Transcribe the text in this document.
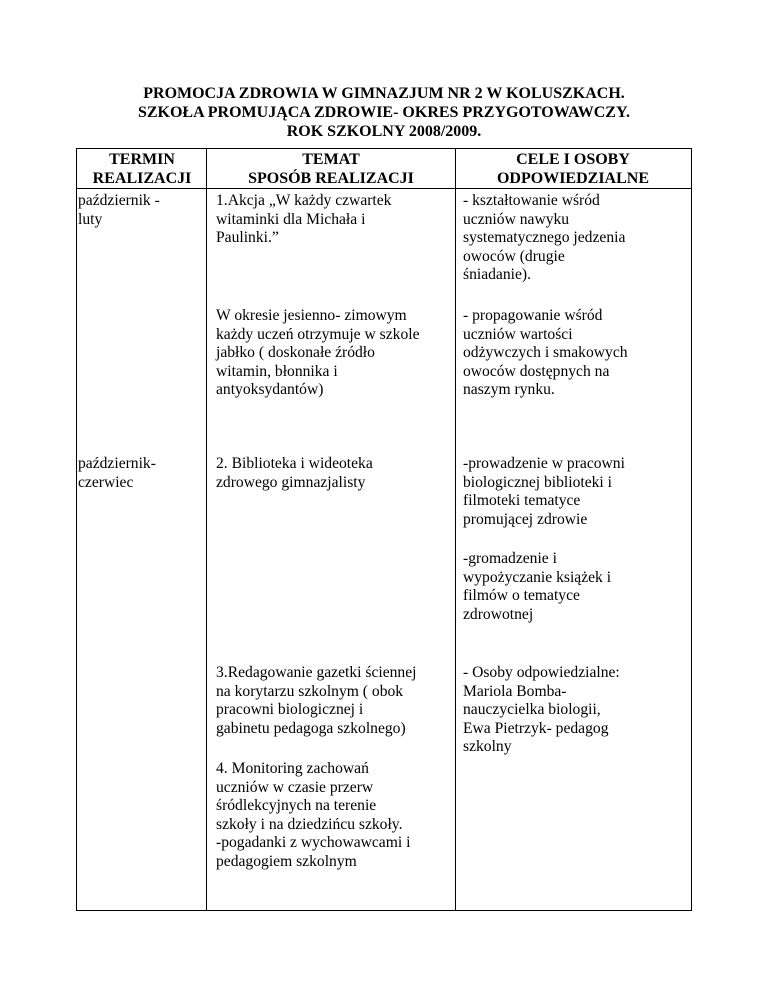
PROMOCJA ZDROWIA W GIMNAZJUM NR 2 W KOLUSZKACH.
SZKOŁA PROMUJĄCA ZDROWIE- OKRES PRZYGOTOWAWCZY.
ROK SZKOLNY 2008/2009.
TERMIN
REALIZACJI
TEMAT
SPOSÓB REALIZACJI
CELE I OSOBY
ODPOWIEDZIALNE
październik -
luty
1.Akcja „W każdy czwartek
witaminki dla Michała i
Paulinki.”
- kształtowanie wśród
uczniów nawyku
systematycznego jedzenia
owoców (drugie
śniadanie).
W okresie jesienno- zimowym
każdy uczeń otrzymuje w szkole
jabłko ( doskonałe źródło
witamin, błonnika i
antyoksydantów)
- propagowanie wśród
uczniów wartości
odżywczych i smakowych
owoców dostępnych na
naszym rynku.
październik-
czerwiec
2. Biblioteka i wideoteka
zdrowego gimnazjalisty
-prowadzenie w pracowni
biologicznej biblioteki i
filmoteki tematyce
promującej zdrowie
-gromadzenie i
wypożyczanie książek i
filmów o tematyce
zdrowotnej
3.Redagowanie gazetki ściennej
na korytarzu szkolnym ( obok
pracowni biologicznej i
gabinetu pedagoga szkolnego)
- Osoby odpowiedzialne:
Mariola Bomba-
nauczycielka biologii,
Ewa Pietrzyk- pedagog
szkolny
4. Monitoring zachowań
uczniów w czasie przerw
śródlekcyjnych na terenie
szkoły i na dziedzińcu szkoły.
-pogadanki z wychowawcami i
pedagogiem szkolnym
